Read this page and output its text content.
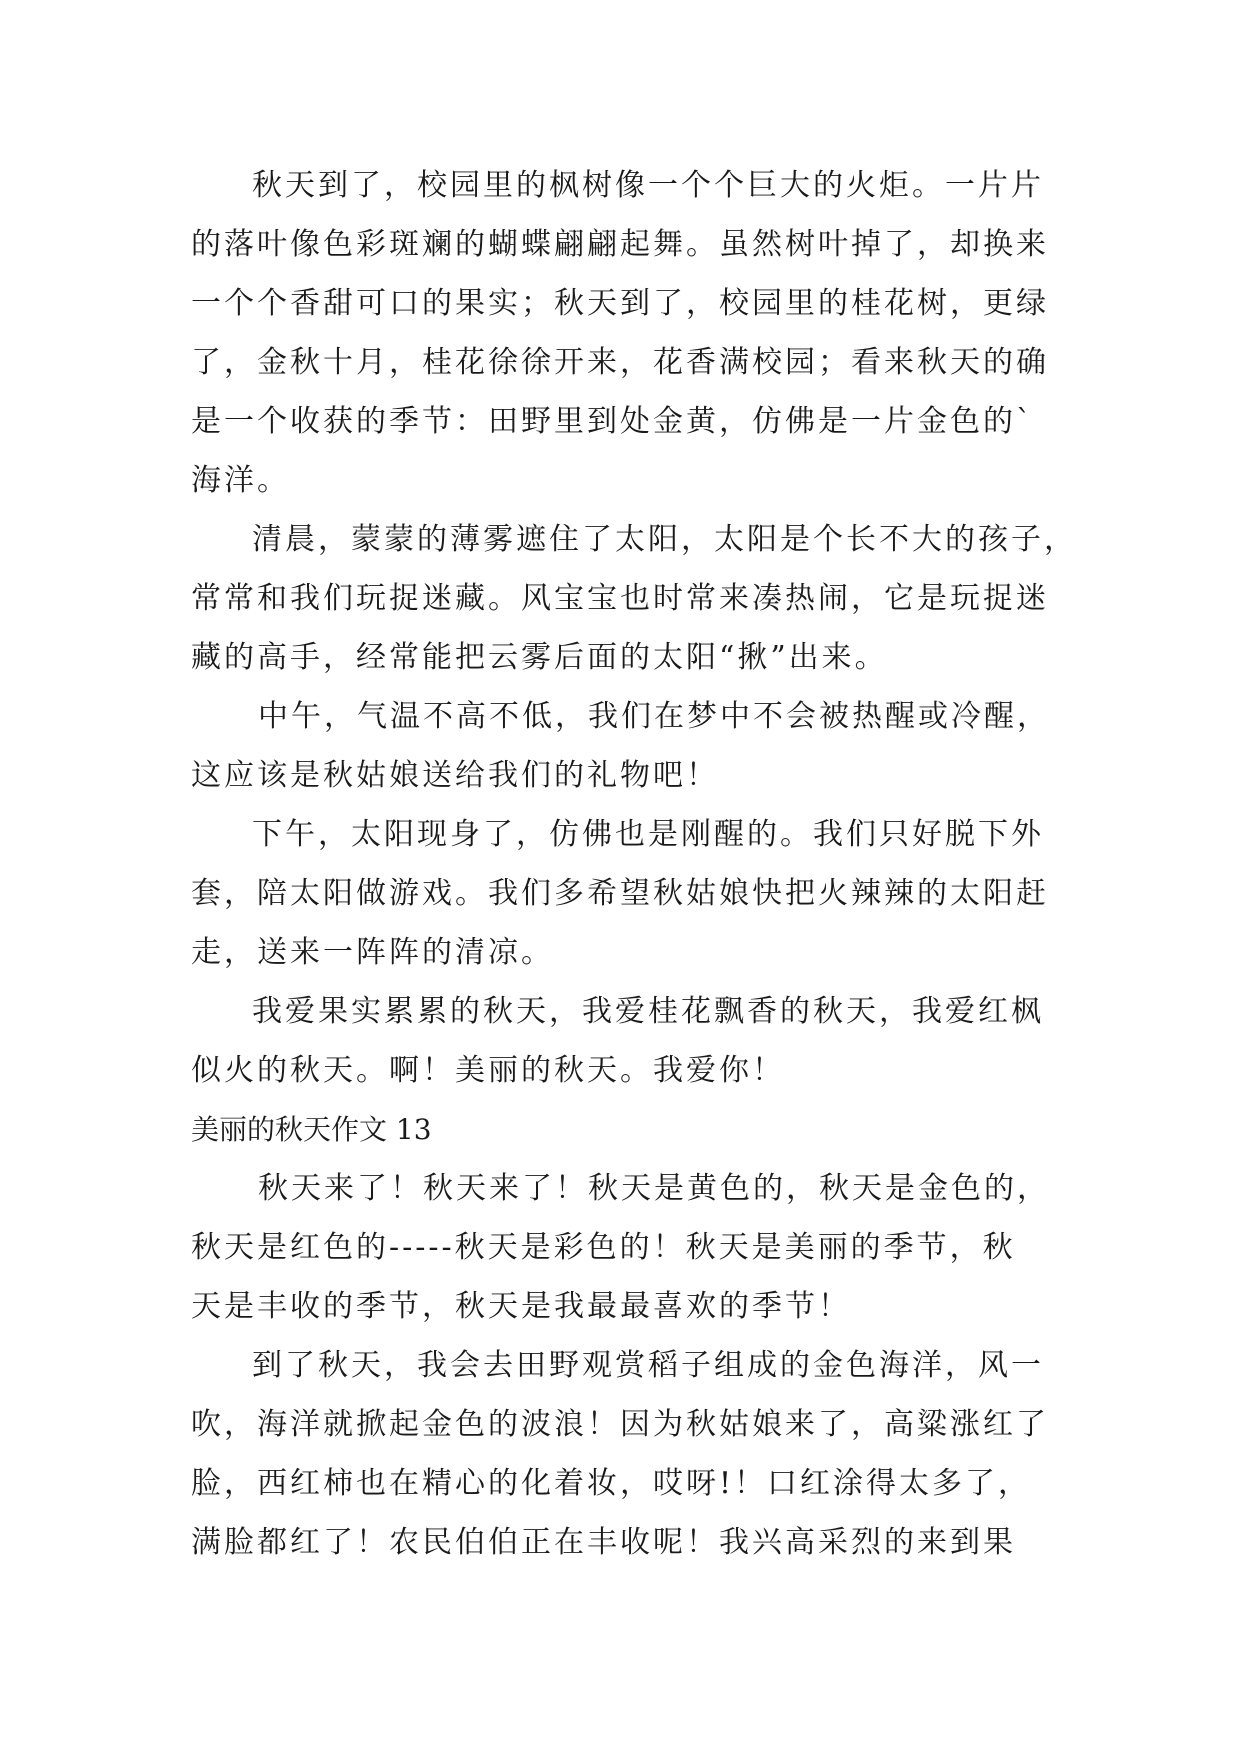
秋天到了，校园里的枫树像一个个巨大的火炬。一片片
的落叶像色彩斑斓的蝴蝶翩翩起舞。虽然树叶掉了，却换来
一个个香甜可口的果实；秋天到了，校园里的桂花树，更绿
了，金秋十月，桂花徐徐开来，花香满校园；看来秋天的确
是一个收获的季节：田野里到处金黄，仿佛是一片金色的`
海洋。
清晨，蒙蒙的薄雾遮住了太阳，太阳是个长不大的孩子，
常常和我们玩捉迷藏。风宝宝也时常来凑热闹，它是玩捉迷
藏的高手，经常能把云雾后面的太阳“揪”出来。
中午，气温不高不低，我们在梦中不会被热醒或冷醒，
这应该是秋姑娘送给我们的礼物吧！
下午，太阳现身了，仿佛也是刚醒的。我们只好脱下外
套，陪太阳做游戏。我们多希望秋姑娘快把火辣辣的太阳赶
走，送来一阵阵的清凉。
我爱果实累累的秋天，我爱桂花飘香的秋天，我爱红枫
似火的秋天。啊！美丽的秋天。我爱你！
美丽的秋天作文 13
秋天来了！秋天来了！秋天是黄色的，秋天是金色的，
秋天是红色的-----秋天是彩色的！秋天是美丽的季节，秋
天是丰收的季节，秋天是我最最喜欢的季节！
到了秋天，我会去田野观赏稻子组成的金色海洋，风一
吹，海洋就掀起金色的波浪！因为秋姑娘来了，高粱涨红了
脸，西红柿也在精心的化着妆，哎呀!！口红涂得太多了，
满脸都红了！农民伯伯正在丰收呢！我兴高采烈的来到果
